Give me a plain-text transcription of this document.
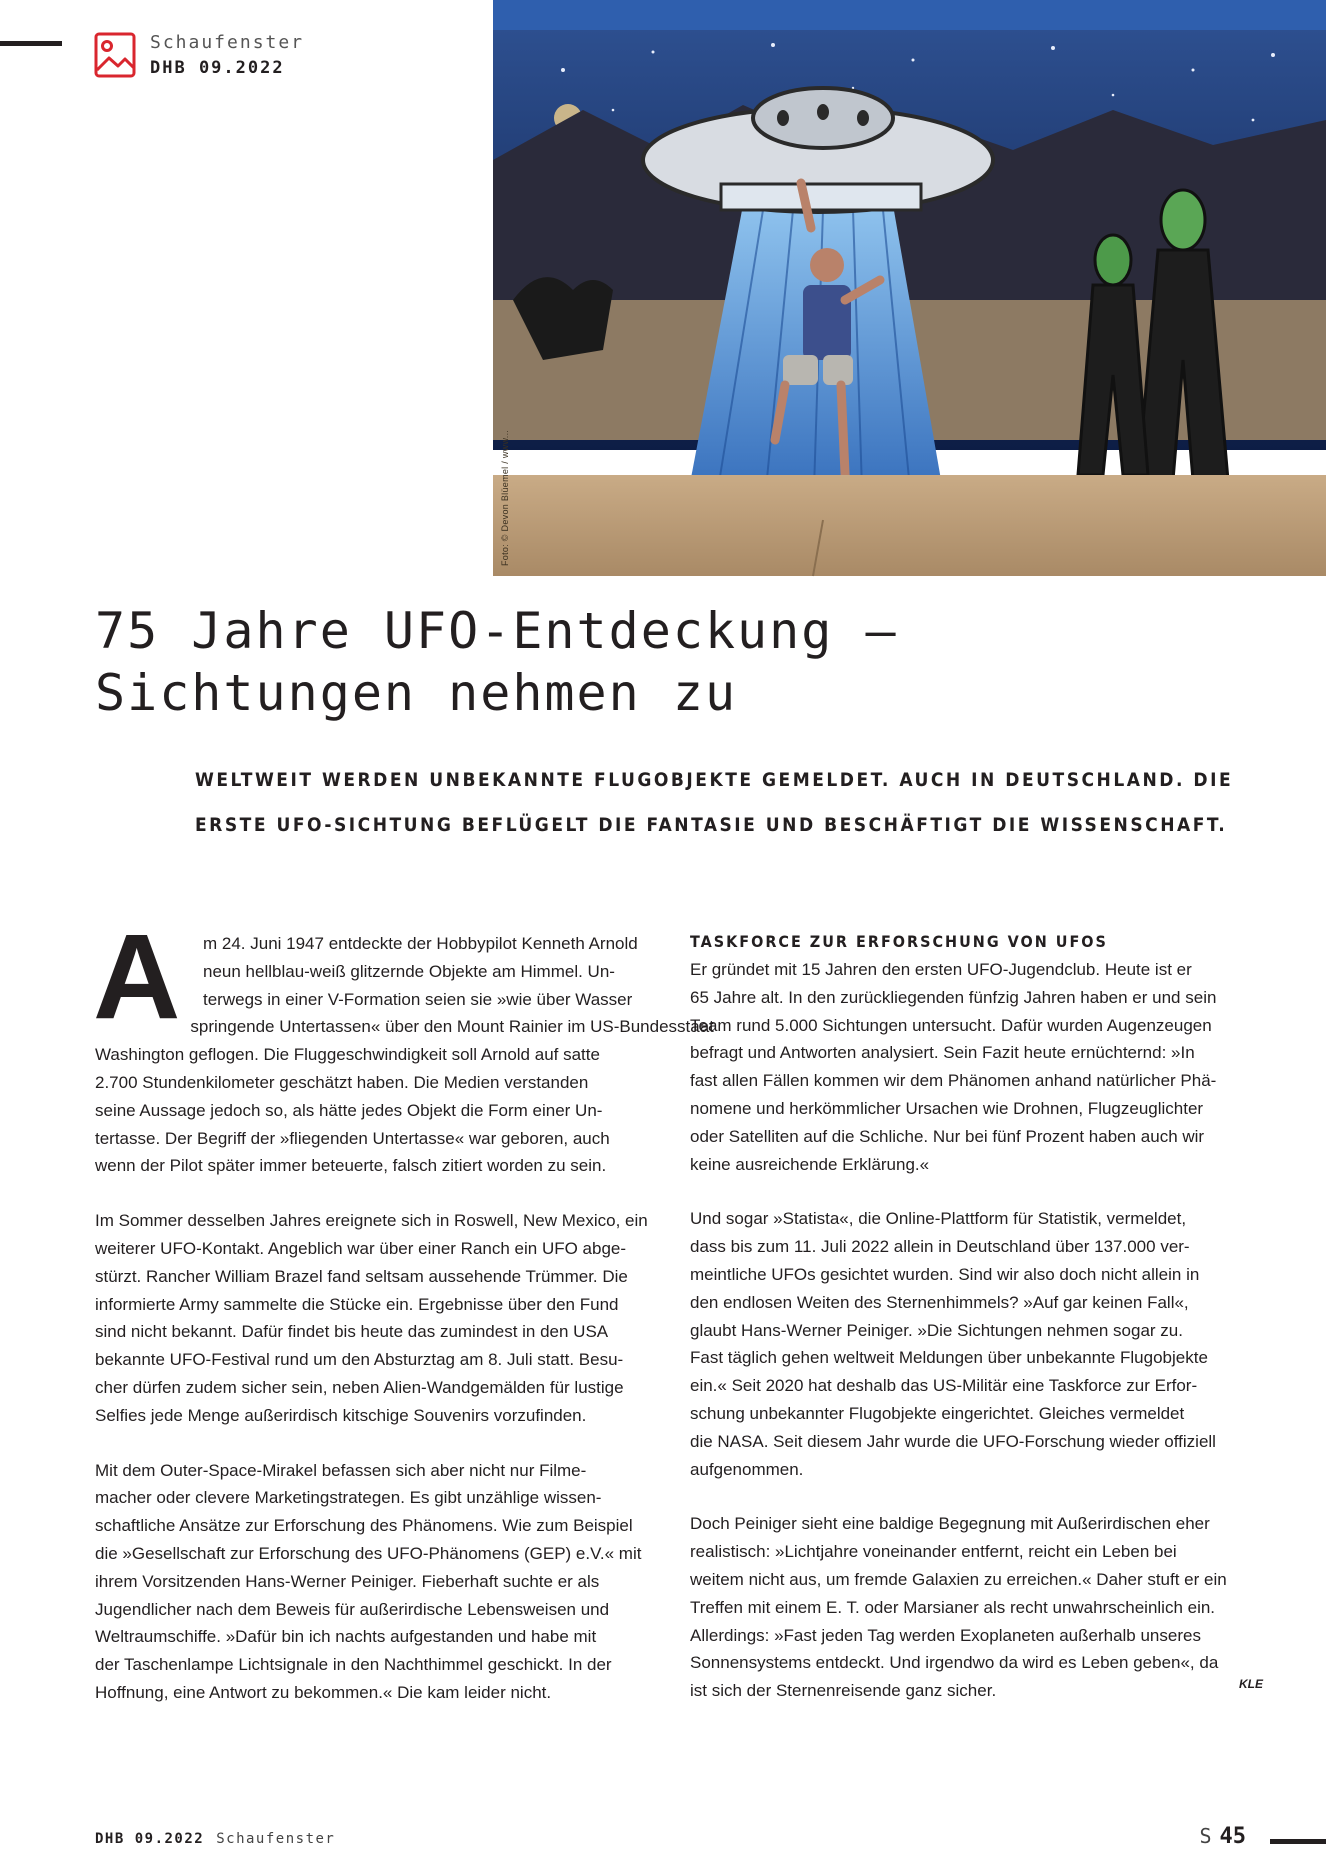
Schaufenster
DHB 09.2022
Foto: © Devon Blüemel / www...
75 Jahre UFO-Entdeckung –
Sichtungen nehmen zu
WELTWEIT WERDEN UNBEKANNTE FLUGOBJEKTE GEMELDET. AUCH IN DEUTSCHLAND. DIE
ERSTE UFO-SICHTUNG BEFLÜGELT DIE FANTASIE UND BESCHÄFTIGT DIE WISSENSCHAFT.

A	m 24. Juni 1947 entdeckte der Hobbypilot Kenneth Arnold
neun hellblau-weiß glitzernde Objekte am Himmel. Un-
terwegs in einer V-Formation seien sie »wie über Wasser
springende Untertassen« über den Mount Rainier im US-Bundesstaat
Washington geflogen. Die Fluggeschwindigkeit soll Arnold auf satte
2.700 Stundenkilometer geschätzt haben. Die Medien verstanden
seine Aussage jedoch so, als hätte jedes Objekt die Form einer Un-
tertasse. Der Begriff der »fliegenden Untertasse« war geboren, auch
wenn der Pilot später immer beteuerte, falsch zitiert worden zu sein.

Im Sommer desselben Jahres ereignete sich in Roswell, New Mexico, ein
weiterer UFO-Kontakt. Angeblich war über einer Ranch ein UFO abge-
stürzt. Rancher William Brazel fand seltsam aussehende Trümmer. Die
informierte Army sammelte die Stücke ein. Ergebnisse über den Fund
sind nicht bekannt. Dafür findet bis heute das zumindest in den USA
bekannte UFO-Festival rund um den Absturztag am 8. Juli statt. Besu-
cher dürfen zudem sicher sein, neben Alien-Wandgemälden für lustige
Selfies jede Menge außerirdisch kitschige Souvenirs vorzufinden.

Mit dem Outer-Space-Mirakel befassen sich aber nicht nur Filme-
macher oder clevere Marketingstrategen. Es gibt unzählige wissen-
schaftliche Ansätze zur Erforschung des Phänomens. Wie zum Beispiel
die »Gesellschaft zur Erforschung des UFO-Phänomens (GEP) e.V.« mit
ihrem Vorsitzenden Hans-Werner Peiniger. Fieberhaft suchte er als
Jugendlicher nach dem Beweis für außerirdische Lebensweisen und
Weltraumschiffe. »Dafür bin ich nachts aufgestanden und habe mit
der Taschenlampe Lichtsignale in den Nachthimmel geschickt. In der
Hoffnung, eine Antwort zu bekommen.« Die kam leider nicht.

TASKFORCE ZUR ERFORSCHUNG VON UFOS

Er gründet mit 15 Jahren den ersten UFO-Jugendclub. Heute ist er
65 Jahre alt. In den zurückliegenden fünfzig Jahren haben er und sein
Team rund 5.000 Sichtungen untersucht. Dafür wurden Augenzeugen
befragt und Antworten analysiert. Sein Fazit heute ernüchternd: »In
fast allen Fällen kommen wir dem Phänomen anhand natürlicher Phä-
nomene und herkömmlicher Ursachen wie Drohnen, Flugzeuglichter
oder Satelliten auf die Schliche. Nur bei fünf Prozent haben auch wir
keine ausreichende Erklärung.«

Und sogar »Statista«, die Online-Plattform für Statistik, vermeldet,
dass bis zum 11. Juli 2022 allein in Deutschland über 137.000 ver-
meintliche UFOs gesichtet wurden. Sind wir also doch nicht allein in
den endlosen Weiten des Sternenhimmels? »Auf gar keinen Fall«,
glaubt Hans-Werner Peiniger. »Die Sichtungen nehmen sogar zu.
Fast täglich gehen weltweit Meldungen über unbekannte Flugobjekte
ein.« Seit 2020 hat deshalb das US-Militär eine Taskforce zur Erfor-
schung unbekannter Flugobjekte eingerichtet. Gleiches vermeldet
die NASA. Seit diesem Jahr wurde die UFO-Forschung wieder offiziell
aufgenommen.

Doch Peiniger sieht eine baldige Begegnung mit Außerirdischen eher
realistisch: »Lichtjahre voneinander entfernt, reicht ein Leben bei
weitem nicht aus, um fremde Galaxien zu erreichen.« Daher stuft er ein
Treffen mit einem E. T. oder Marsianer als recht unwahrscheinlich ein.
Allerdings: »Fast jeden Tag werden Exoplaneten außerhalb unseres
Sonnensystems entdeckt. Und irgendwo da wird es Leben geben«, da
ist sich der Sternenreisende ganz sicher.	KLE

DHB 09.2022 Schaufenster	S 45
